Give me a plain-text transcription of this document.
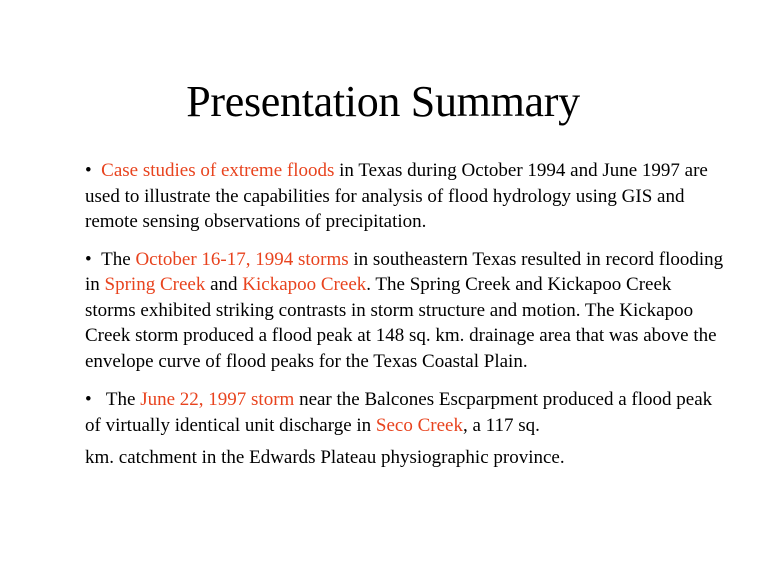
Presentation Summary

• Case studies of extreme floods in Texas during October 1994 and June 1997 are used to illustrate the capabilities for analysis of flood hydrology using GIS and remote sensing observations of precipitation.

• The October 16-17, 1994 storms in southeastern Texas resulted in record flooding in Spring Creek and Kickapoo Creek. The Spring Creek and Kickapoo Creek storms exhibited striking contrasts in storm structure and motion. The Kickapoo Creek storm produced a flood peak at 148 sq. km. drainage area that was above the envelope curve of flood peaks for the Texas Coastal Plain.

• The June 22, 1997 storm near the Balcones Escparpment produced a flood peak of virtually identical unit discharge in Seco Creek, a 117 sq.
km. catchment in the Edwards Plateau physiographic province.
